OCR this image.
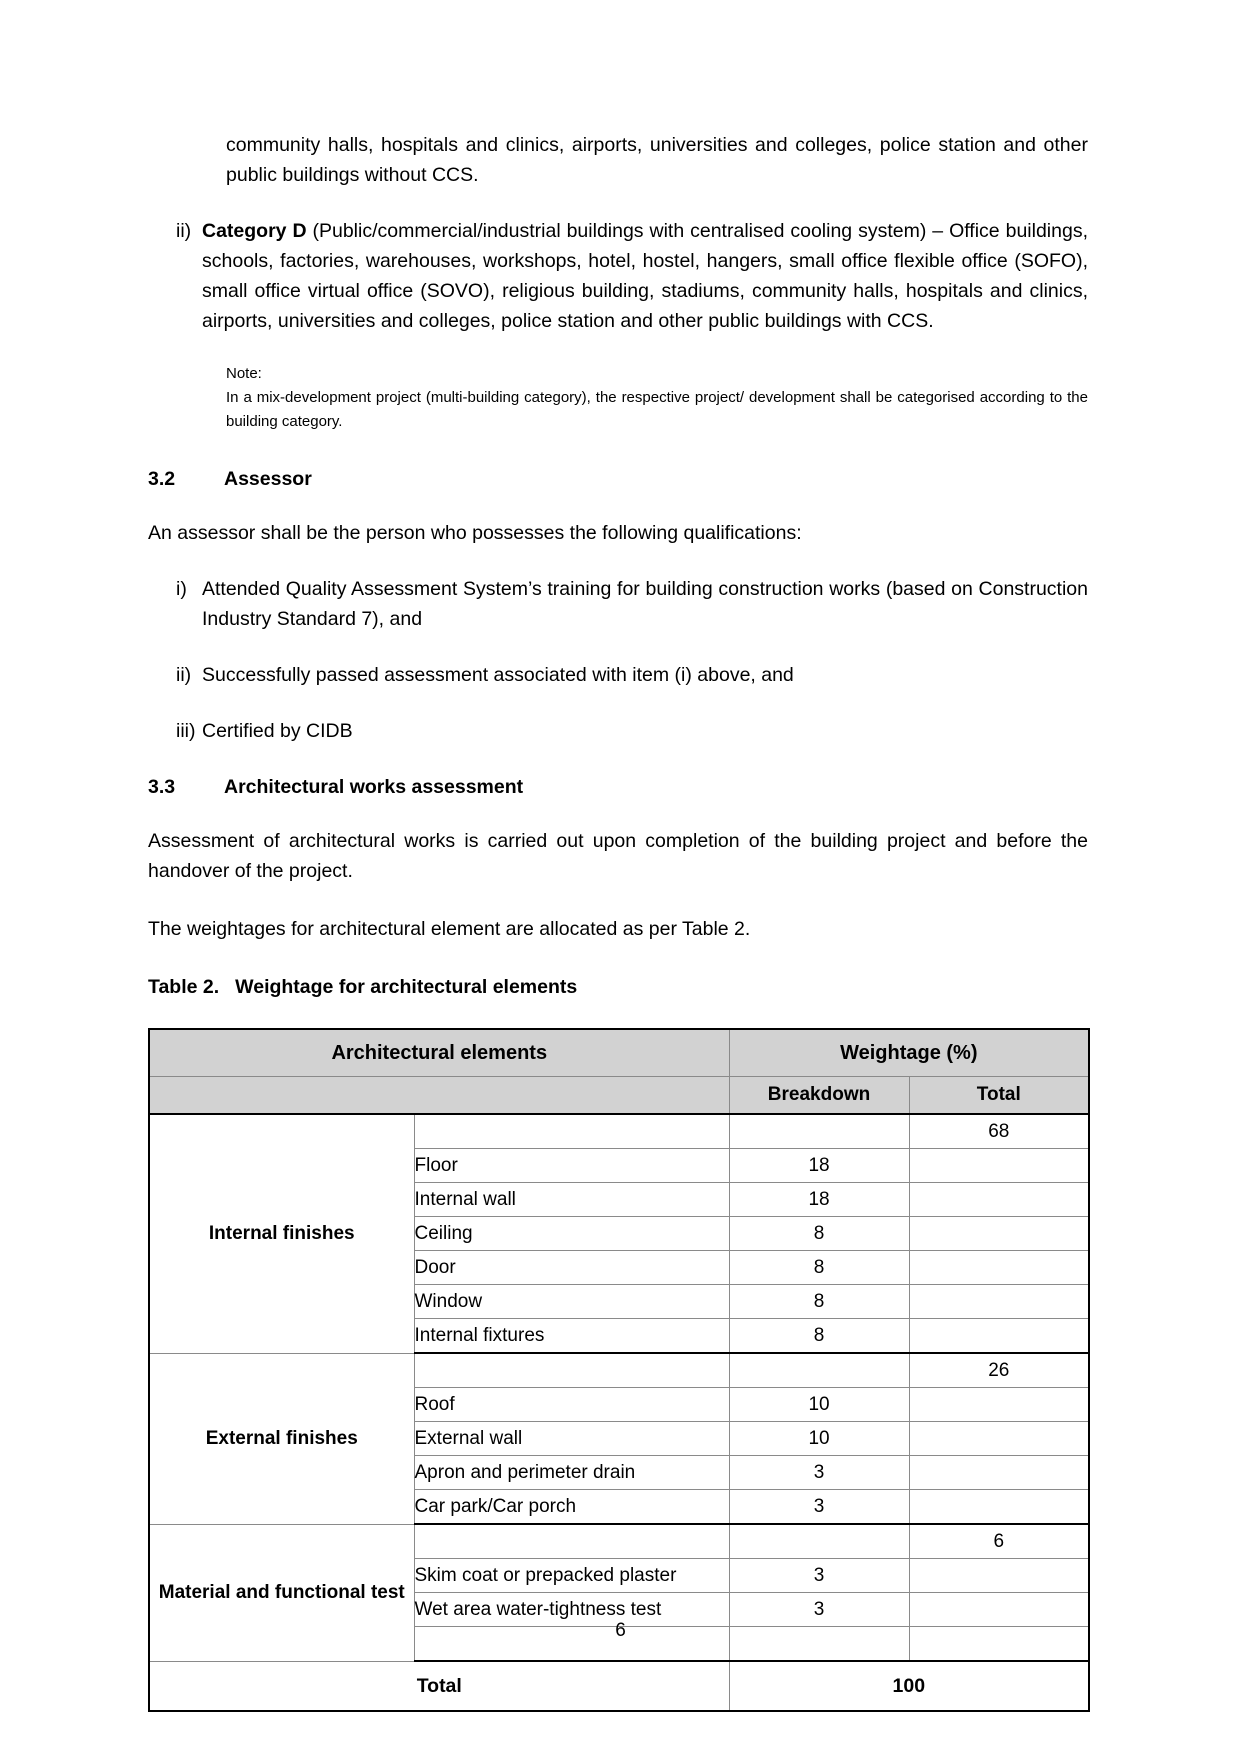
community halls, hospitals and clinics, airports, universities and colleges, police station and other public buildings without CCS.

ii) Category D (Public/commercial/industrial buildings with centralised cooling system) – Office buildings, schools, factories, warehouses, workshops, hotel, hostel, hangers, small office flexible office (SOFO), small office virtual office (SOVO), religious building, stadiums, community halls, hospitals and clinics, airports, universities and colleges, police station and other public buildings with CCS.
Note:
In a mix-development project (multi-building category), the respective project/ development shall be categorised according to the building category.
3.2	Assessor

An assessor shall be the person who possesses the following qualifications:

i) Attended Quality Assessment System’s training for building construction works (based on Construction Industry Standard 7), and
ii) Successfully passed assessment associated with item (i) above, and
iii) Certified by CIDB
3.3	Architectural works assessment

Assessment of architectural works is carried out upon completion of the building project and before the handover of the project.

The weightages for architectural element are allocated as per Table 2.

Table 2. Weightage for architectural elements
Architectural elements		Weightage (%)	
		Breakdown	Total
Internal finishes			68
	Floor	18	
	Internal wall	18	
	Ceiling	8	
	Door	8	
	Window	8	
	Internal fixtures	8	
External finishes			26
	Roof	10	
	External wall	10	
	Apron and perimeter drain	3	
	Car park/Car porch	3	
Material and functional test			6
	Skim coat or prepacked plaster	3	
	Wet area water-tightness test	3	

Total		100	
6
